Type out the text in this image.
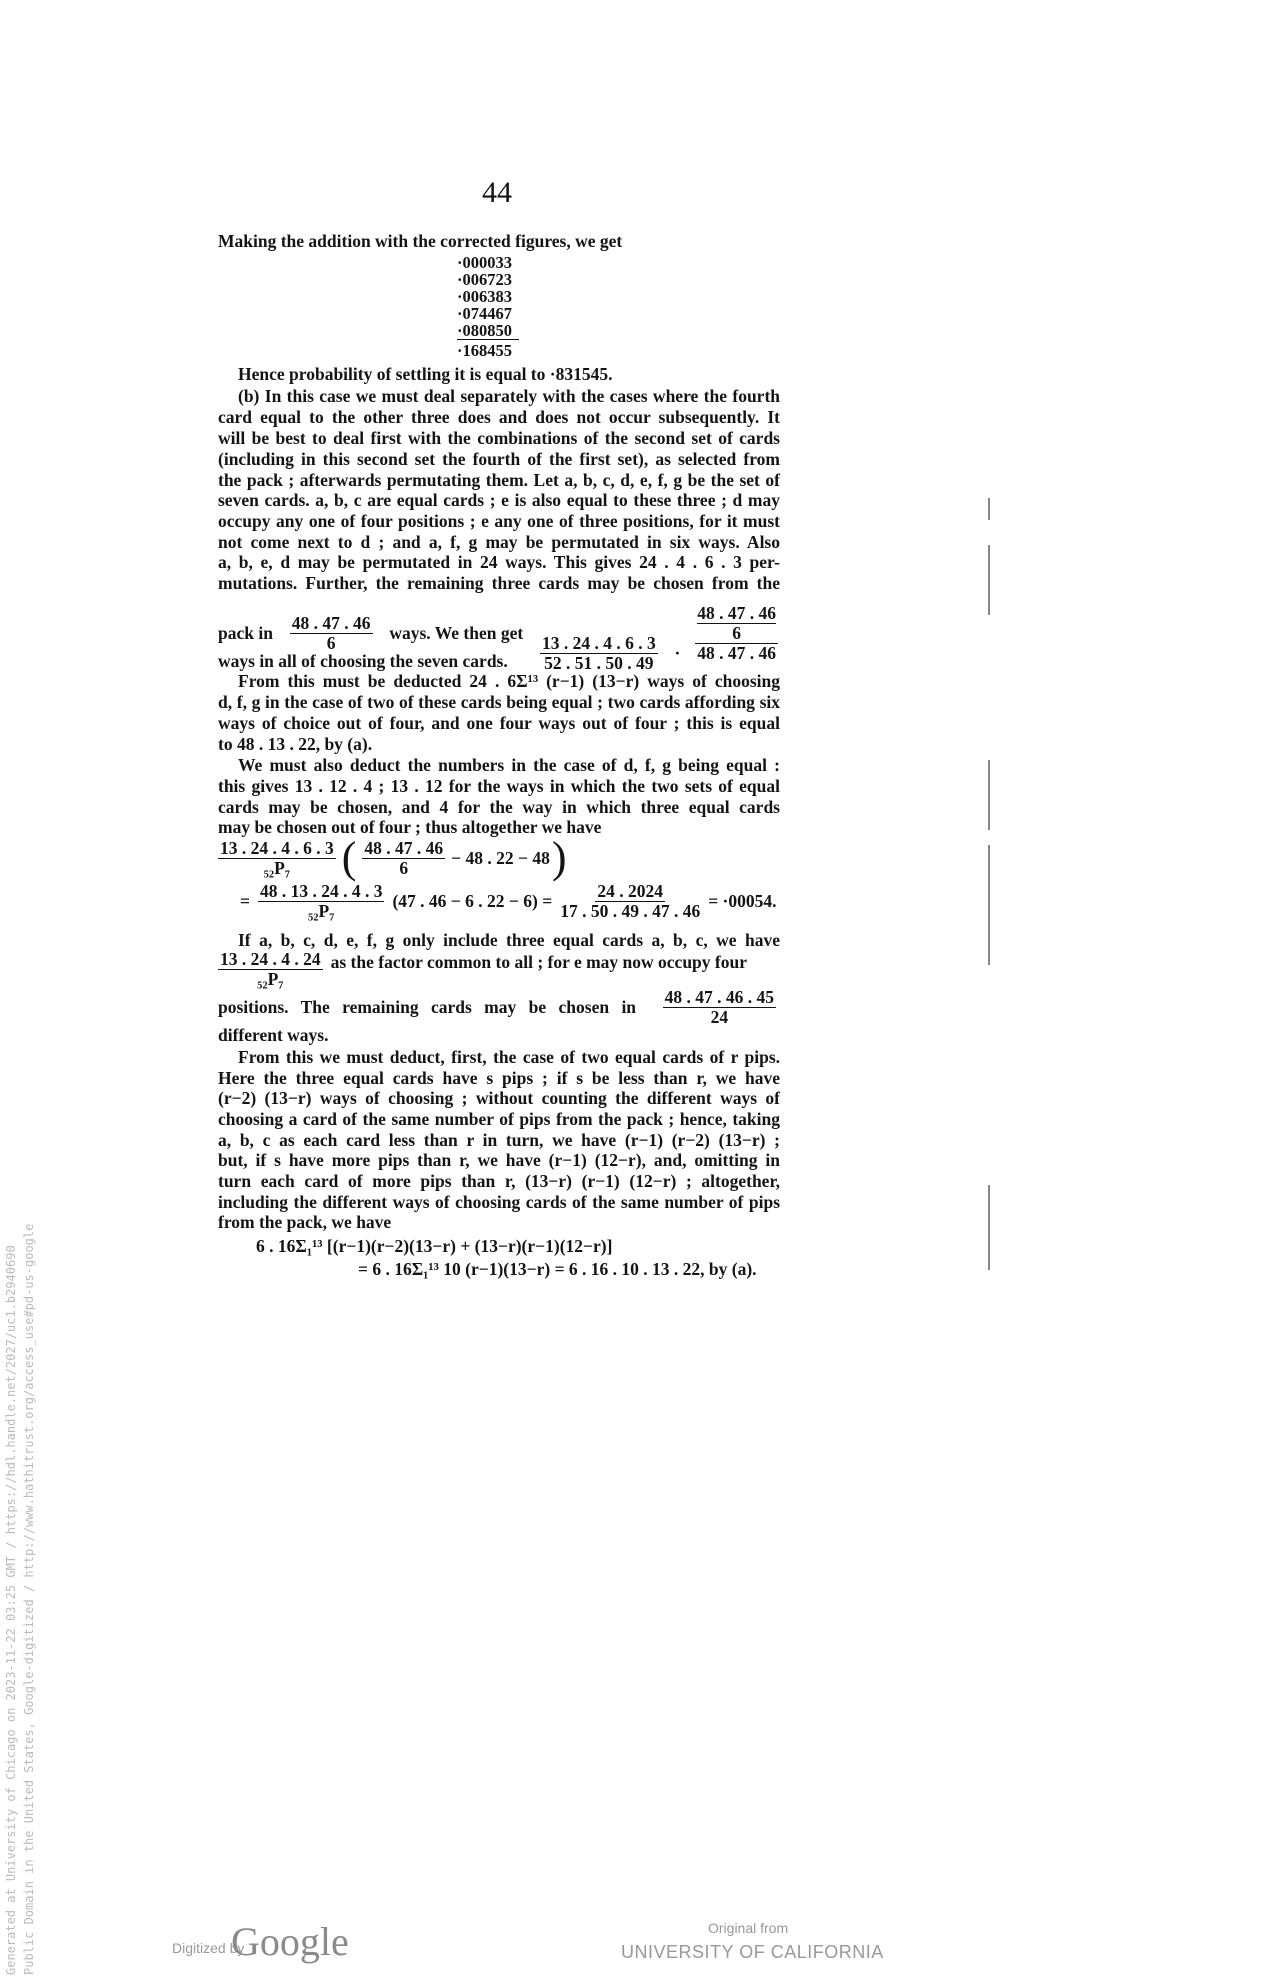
44
Making the addition with the corrected figures, we get
·000033
·006723
·006383
·074467
·080850
·168455
Hence probability of settling it is equal to ·831545.
(b) In this case we must deal separately with the cases where the fourth
card equal to the other three does and does not occur subsequently. It
will be best to deal first with the combinations of the second set of cards
(including in this second set the fourth of the first set), as selected from
the pack ; afterwards permutating them. Let a, b, c, d, e, f, g be the set of
seven cards. a, b, c are equal cards ; e is also equal to these three ; d may
occupy any one of four positions ; e any one of three positions, for it must
not come next to d ; and a, f, g may be permutated in six ways. Also
a, b, e, d may be permutated in 24 ways. This gives 24 . 4 . 6 . 3 per-
mutations. Further, the remaining three cards may be chosen from the
pack in $\frac{48 . 47 . 46}{6}$ ways. We then get
$\frac{13 . 24 . 4 . 6 . 3}{52 . 51 . 50 . 49}$ ·
48 . 47 . 46
6
48 . 47 . 46
ways in all of choosing the seven cards.
From this must be deducted 24 . 6Σ¹³ (r−1) (13−r) ways of choosing
d, f, g in the case of two of these cards being equal ; two cards affording six
ways of choice out of four, and one four ways out of four ; this is equal
to 48 . 13 . 22, by (a).
We must also deduct the numbers in the case of d, f, g being equal :
this gives 13 . 12 . 4 ; 13 . 12 for the ways in which the two sets of equal
cards may be chosen, and 4 for the way in which three equal cards
may be chosen out of four ; thus altogether we have
$\frac{13 . 24 . 4 . 6 . 3}{\text{₅₂P₇}}$ ( $\frac{48 . 47 . 46}{6} - 48$ . 22 − 48 )
= $\frac{48 . 13 . 24 . 4 . 3}{\text{₅₂P₇}} (47$ . 46 − 6 . $22 - 6) = \frac{24 . 2024}{17 . 50 . 49 . 47 . 46} = \cdot 00054$.
If a, b, c, d, e, f, g only include three equal cards a, b, c, we have
$\frac{13 . 24 . 4 . 24}{\text{₅₂P₇}}$ as the factor common to all ; for e may now occupy four
positions. The remaining cards may be chosen in $\frac{48 . 47 . 46 . 45}{24}$
different ways.
From this we must deduct, first, the case of two equal cards of r pips.
Here the three equal cards have s pips ; if s be less than r, we have
(r−2) (13−r) ways of choosing ; without counting the different ways of
choosing a card of the same number of pips from the pack ; hence, taking
a, b, c as each card less than r in turn, we have (r−1) (r−2) (13−r) ;
but, if s have more pips than r, we have (r−1) (12−r), and, omitting in
turn each card of more pips than r, (13−r) (r−1) (12−r) ; altogether,
including the different ways of choosing cards of the same number of pips
from the pack, we have
6 . 16Σ₁¹³ [(r−1)(r−2)(13−r) + (13−r)(r−1)(12−r)]
= 6 . 16Σ₁¹³ 10 (r−1)(13−r) = 6 . 16 . 10 . 13 . 22, by (a).
Generated at University of Chicago on 2023-11-22 03:25 GMT / https://hdl.handle.net/2027/uc1.b2940690 Public Domain in the United States, Google-digitized / http://www.hathitrust.org/access_use#pd-us-google	Digitized by
Google	Original from
UNIVERSITY OF CALIFORNIA
